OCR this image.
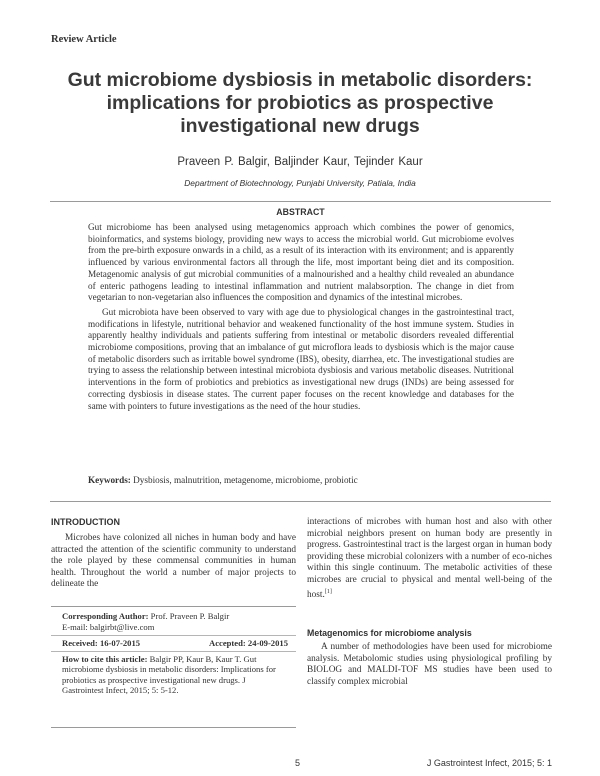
Review Article
Gut microbiome dysbiosis in metabolic disorders: implications for probiotics as prospective investigational new drugs
Praveen P. Balgir, Baljinder Kaur, Tejinder Kaur
Department of Biotechnology, Punjabi University, Patiala, India
ABSTRACT

Gut microbiome has been analysed using metagenomics approach which combines the power of genomics, bioinformatics, and systems biology, providing new ways to access the microbial world. Gut microbiome evolves from the pre-birth exposure onwards in a child, as a result of its interaction with its environment; and is apparently influenced by various environmental factors all through the life, most important being diet and its composition. Metagenomic analysis of gut microbial communities of a malnourished and a healthy child revealed an abundance of enteric pathogens leading to intestinal inflammation and nutrient malabsorption. The change in diet from vegetarian to non-vegetarian also influences the composition and dynamics of the intestinal microbes.

Gut microbiota have been observed to vary with age due to physiological changes in the gastrointestinal tract, modifications in lifestyle, nutritional behavior and weakened functionality of the host immune system. Studies in apparently healthy individuals and patients suffering from intestinal or metabolic disorders revealed differential microbiome compositions, proving that an imbalance of gut microflora leads to dysbiosis which is the major cause of metabolic disorders such as irritable bowel syndrome (IBS), obesity, diarrhea, etc. The investigational studies are trying to assess the relationship between intestinal microbiota dysbiosis and various metabolic diseases. Nutritional interventions in the form of probiotics and prebiotics as investigational new drugs (INDs) are being assessed for correcting dysbiosis in disease states. The current paper focuses on the recent knowledge and databases for the same with pointers to future investigations as the need of the hour studies.

Keywords: Dysbiosis, malnutrition, metagenome, microbiome, probiotic
INTRODUCTION

Microbes have colonized all niches in human body and have attracted the attention of the scientific community to understand the role played by these commensal communities in human health. Throughout the world a number of major projects to delineate the

interactions of microbes with human host and also with other microbial neighbors present on human body are presently in progress. Gastrointestinal tract is the largest organ in human body providing these microbial colonizers with a number of eco-niches within this single continuum. The metabolic activities of these microbes are crucial to physical and mental well-being of the host.[1]

Metagenomics for microbiome analysis

A number of methodologies have been used for microbiome analysis. Metabolomic studies using physiological profiling by BIOLOG and MALDI-TOF MS studies have been used to classify complex microbial

Corresponding Author: Prof. Praveen P. Balgir
E-mail: balgirbt@live.com
Received: 16-07-2015	Accepted: 24-09-2015
How to cite this article: Balgir PP, Kaur B, Kaur T. Gut microbiome dysbiosis in metabolic disorders: Implications for probiotics as prospective investigational new drugs. J Gastrointest Infect, 2015; 5: 5-12.
5	J Gastrointest Infect, 2015; 5: 1
